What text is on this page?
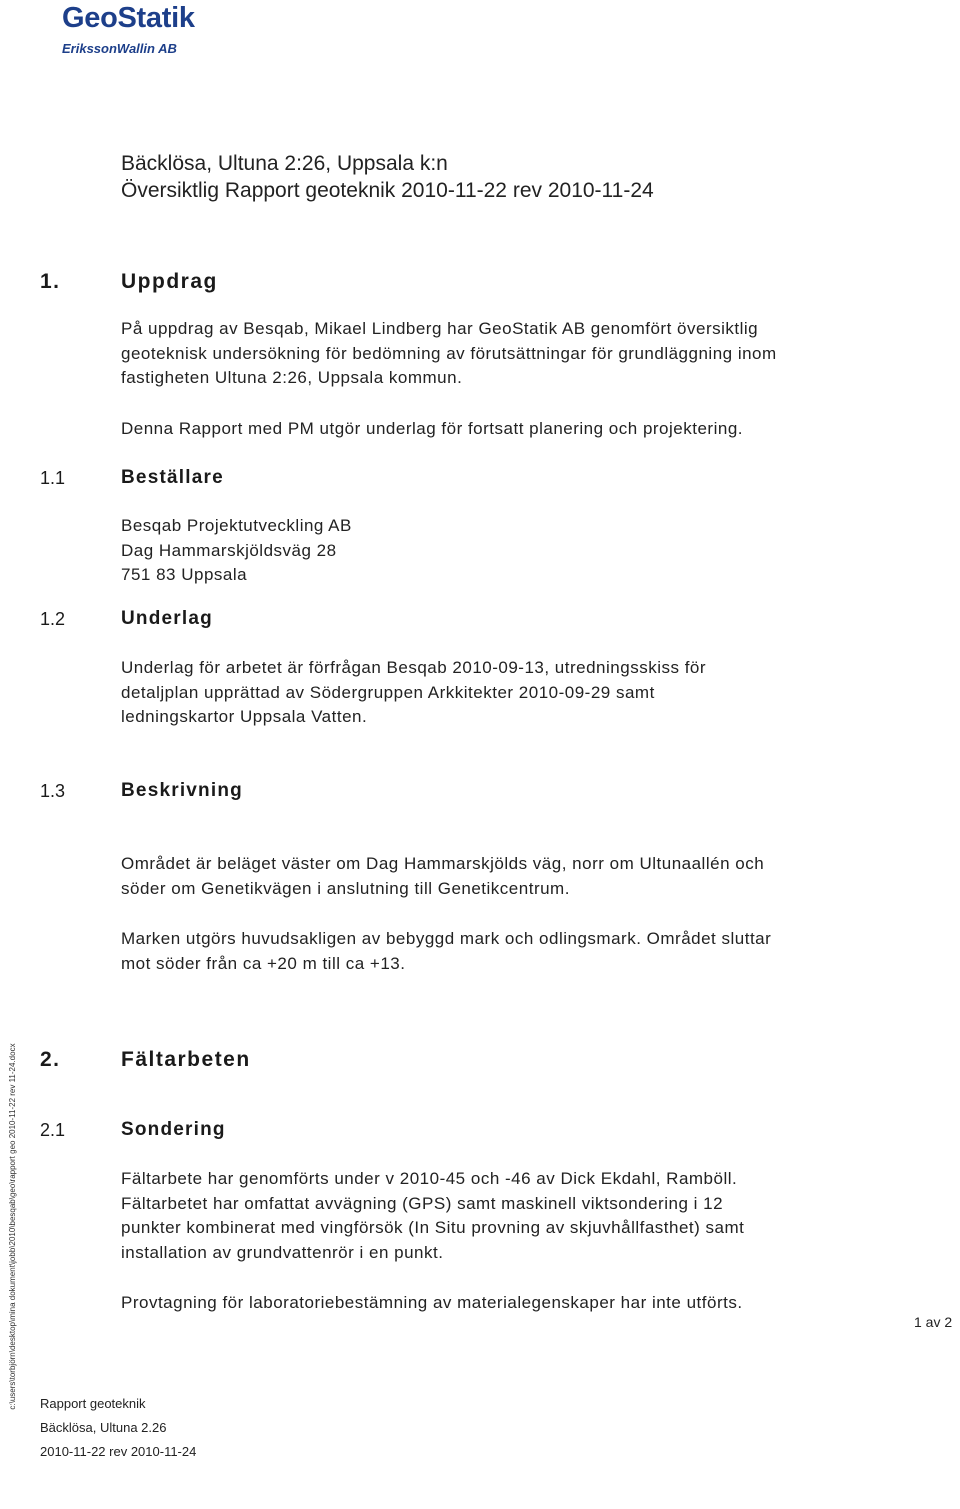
GeoStatik
ErikssonWallin AB
Bäcklösa, Ultuna 2:26, Uppsala k:n
Översiktlig Rapport geoteknik 2010-11-22 rev 2010-11-24
1.	Uppdrag
På uppdrag av Besqab, Mikael Lindberg har GeoStatik AB genomfört översiktlig
geoteknisk undersökning för bedömning av förutsättningar för grundläggning inom
fastigheten Ultuna 2:26, Uppsala kommun.
Denna Rapport med PM utgör underlag för fortsatt planering och projektering.
1.1	Beställare
Besqab Projektutveckling AB
Dag Hammarskjöldsväg 28
751 83 Uppsala
1.2	Underlag
Underlag för arbetet är förfrågan Besqab 2010-09-13, utredningsskiss för
detaljplan upprättad av Södergruppen Arkkitekter 2010-09-29 samt
ledningskartor Uppsala Vatten.
1.3	Beskrivning
Området är beläget väster om Dag Hammarskjölds väg, norr om Ultunaallén och
söder om Genetikvägen i anslutning till Genetikcentrum.
Marken utgörs huvudsakligen av bebyggd mark och odlingsmark. Området sluttar
mot söder från ca +20 m till ca +13.
c:\users\torbjörn\desktop\mina dokument\jobb\2010\besqab\geo\rapport geo 2010-11-22 rev 11-24.docx 2.	Fältarbeten
2.1	Sondering
Fältarbete har genomförts under v 2010-45 och -46 av Dick Ekdahl, Ramböll.
Fältarbetet har omfattat avvägning (GPS) samt maskinell viktsondering i 12
punkter kombinerat med vingförsök (In Situ provning av skjuvhållfasthet) samt
installation av grundvattenrör i en punkt.
Provtagning för laboratoriebestämning av materialegenskaper har inte utförts.
1 av 2
Rapport geoteknik
Bäcklösa, Ultuna 2.26
2010-11-22 rev 2010-11-24
